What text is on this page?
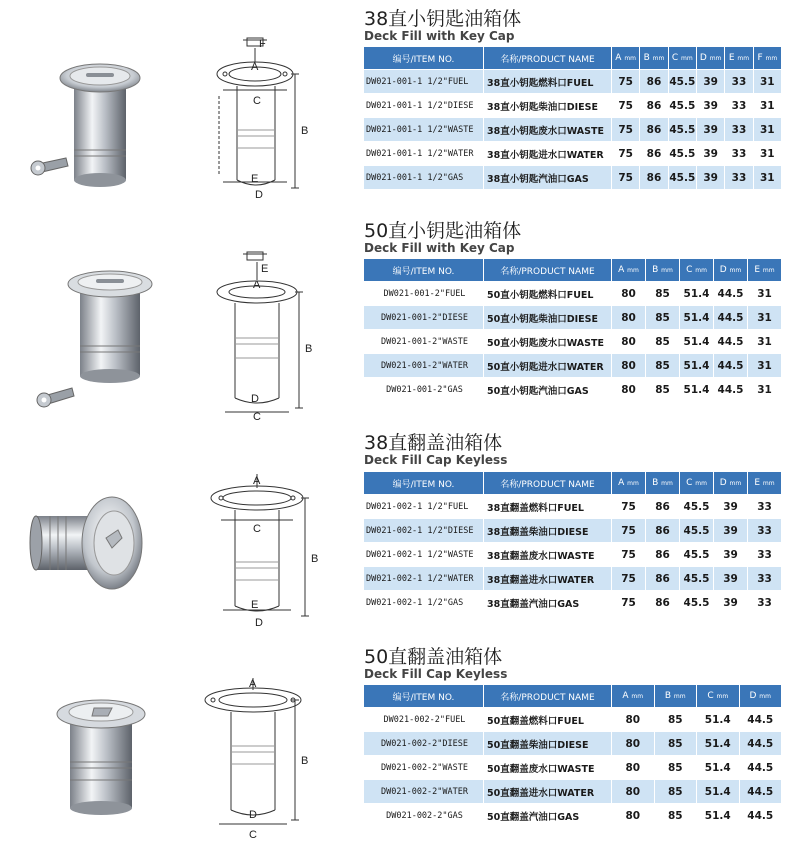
F
A
C
B
E
D
38直小钥匙油箱体
Deck Fill with Key Cap
编号/ITEM NO.	名称/PRODUCT NAME	A mm	B mm	C mm	D mm	E mm	F mm
DW021-001-1 1/2"FUEL	38直小钥匙燃料口FUEL	75	86	45.5	39	33	31
DW021-001-1 1/2"DIESE	38直小钥匙柴油口DIESE	75	86	45.5	39	33	31
DW021-001-1 1/2"WASTE	38直小钥匙废水口WASTE	75	86	45.5	39	33	31
DW021-001-1 1/2"WATER	38直小钥匙进水口WATER	75	86	45.5	39	33	31
DW021-001-1 1/2"GAS	38直小钥匙汽油口GAS	75	86	45.5	39	33	31
E
A
B
D
C
50直小钥匙油箱体
Deck Fill with Key Cap
编号/ITEM NO.	名称/PRODUCT NAME	A mm	B mm	C mm	D mm	E mm
DW021-001-2"FUEL	50直小钥匙燃料口FUEL	80	85	51.4	44.5	31
DW021-001-2"DIESE	50直小钥匙柴油口DIESE	80	85	51.4	44.5	31
DW021-001-2"WASTE	50直小钥匙废水口WASTE	80	85	51.4	44.5	31
DW021-001-2"WATER	50直小钥匙进水口WATER	80	85	51.4	44.5	31
DW021-001-2"GAS	50直小钥匙汽油口GAS	80	85	51.4	44.5	31
A
C
B
E
D
38直翻盖油箱体
Deck Fill Cap Keyless
编号/ITEM NO.	名称/PRODUCT NAME	A mm	B mm	C mm	D mm	E mm
DW021-002-1 1/2"FUEL	38直翻盖燃料口FUEL	75	86	45.5	39	33
DW021-002-1 1/2"DIESE	38直翻盖柴油口DIESE	75	86	45.5	39	33
DW021-002-1 1/2"WASTE	38直翻盖废水口WASTE	75	86	45.5	39	33
DW021-002-1 1/2"WATER	38直翻盖进水口WATER	75	86	45.5	39	33
DW021-002-1 1/2"GAS	38直翻盖汽油口GAS	75	86	45.5	39	33
A
B
D
C
50直翻盖油箱体
Deck Fill Cap Keyless
编号/ITEM NO.	名称/PRODUCT NAME	A mm	B mm	C mm	D mm
DW021-002-2"FUEL	50直翻盖燃料口FUEL	80	85	51.4	44.5
DW021-002-2"DIESE	50直翻盖柴油口DIESE	80	85	51.4	44.5
DW021-002-2"WASTE	50直翻盖废水口WASTE	80	85	51.4	44.5
DW021-002-2"WATER	50直翻盖进水口WATER	80	85	51.4	44.5
DW021-002-2"GAS	50直翻盖汽油口GAS	80	85	51.4	44.5
